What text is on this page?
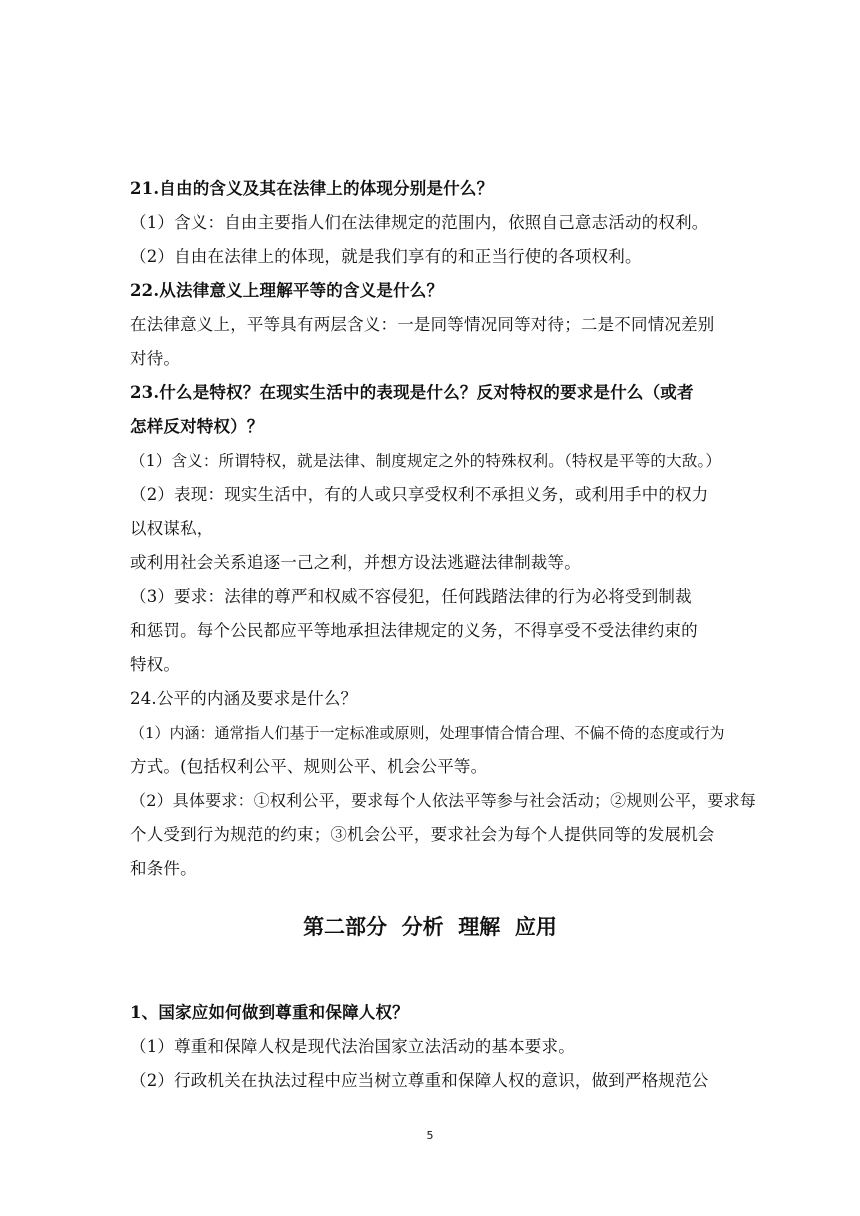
21.自由的含义及其在法律上的体现分别是什么？
（1）含义：自由主要指人们在法律规定的范围内，依照自己意志活动的权利。
（2）自由在法律上的体现，就是我们享有的和正当行使的各项权利。
22.从法律意义上理解平等的含义是什么？
在法律意义上，平等具有两层含义：一是同等情况同等对待；二是不同情况差别
对待。
23.什么是特权？在现实生活中的表现是什么？反对特权的要求是什么（或者
怎样反对特权）？
（1）含义：所谓特权，就是法律、制度规定之外的特殊权利。（特权是平等的大敌。）
（2）表现：现实生活中，有的人或只享受权利不承担义务，或利用手中的权力
以权谋私，
或利用社会关系追逐一己之利，并想方设法逃避法律制裁等。
（3）要求：法律的尊严和权威不容侵犯，任何践踏法律的行为必将受到制裁
和惩罚。每个公民都应平等地承担法律规定的义务，不得享受不受法律约束的
特权。
24.公平的内涵及要求是什么？
（1）内涵：通常指人们基于一定标准或原则，处理事情合情合理、不偏不倚的态度或行为
方式。(包括权利公平、规则公平、机会公平等。
（2）具体要求：①权利公平，要求每个人依法平等参与社会活动；②规则公平，要求每
个人受到行为规范的约束；③机会公平，要求社会为每个人提供同等的发展机会
和条件。
第二部分  分析  理解  应用
1、国家应如何做到尊重和保障人权？
（1）尊重和保障人权是现代法治国家立法活动的基本要求。
（2）行政机关在执法过程中应当树立尊重和保障人权的意识，做到严格规范公
5
